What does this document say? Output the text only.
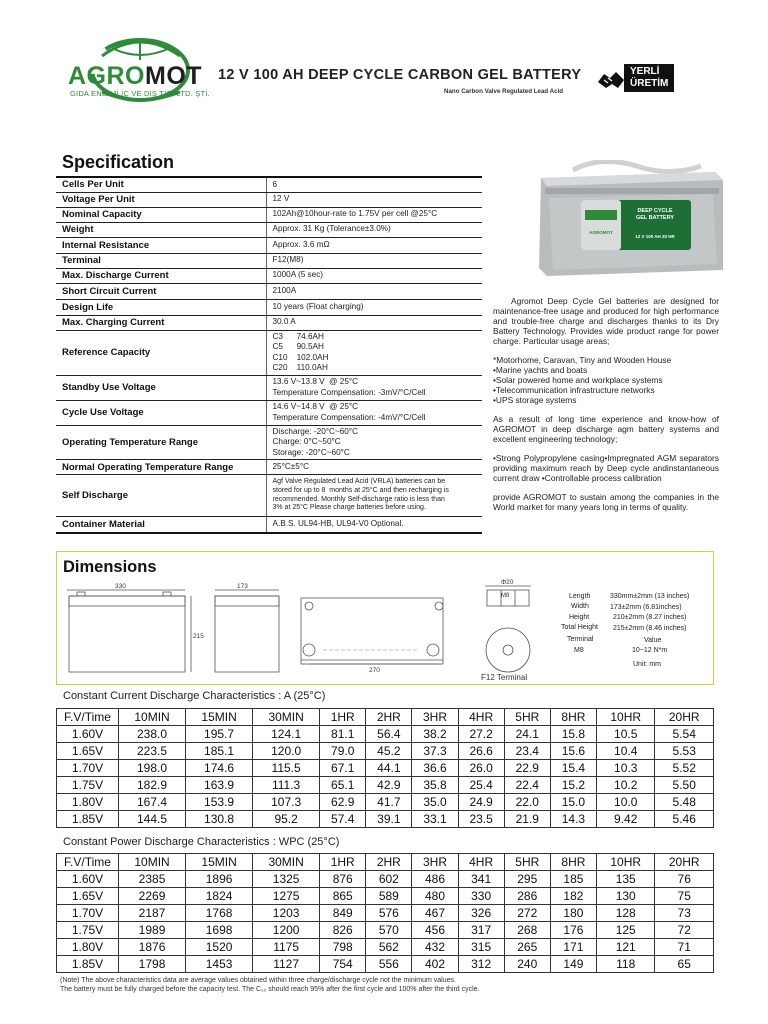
AGROMOT
GIDA ENERJİ İÇ VE DIŞ TİC. LTD. ŞTİ.
12 V 100 AH DEEP CYCLE CARBON GEL BATTERY
Nano Carbon Valve Regulated Lead Acid
YERLİ
ÜRETİM
Specification
Cells Per Unit	6
Voltage Per Unit	12 V
Nominal Capacity	102Ah@10hour-rate to 1.75V per cell @25°C
Weight	Approx. 31 Kg (Tolerance±3.0%)
Internal Resistance	Approx. 3.6 mΩ
Terminal	F12(M8)
Max. Discharge Current	1000A (5 sec)
Short Circuit Current	2100A
Design Life	10 years (Float charging)
Max. Charging Current	30.0 A
Reference Capacity	C3      74.6AH
C5      90.5AH
C10    102.0AH
C20    110.0AH

Standby Use Voltage	13.6 V~13.8 V  @ 25°C
Temperature Compensation: -3mV/°C/Cell

Cycle Use Voltage	14.6 V~14.8 V  @ 25°C
Temperature Compensation: -4mV/°C/Cell

Operating Temperature Range	Discharge: -20°C~60°C
Charge: 0°C~50°C
Storage: -20°C~60°C

Normal Operating Temperature Range	25°C±5°C
Self Discharge	Agf Valve Regulated Lead Acid (VRLA) batteries can be
stored for up to 8  months at 25°C and then recharging is
recommended. Monthly Self-discharge ratio is less than
3% at 25°C Please charge batteries before using.

Container Material	A.B.S. UL94-HB, UL94-V0 Optional.
DEEP CYCLE
GEL BATTERY
12 V 100 AH 20 HR
AGROMOT

Agromot Deep Cycle Gel batteries are designed for maintenance-free usage and produced for high performance and trouble-free charge and discharges thanks to its Dry Battery Technology. Provides wide product range for power charge. Particular usage areas;

*Motorhome, Caravan, Tiny and Wooden House
•Marine yachts and boats
•Solar powered home and workplace systems
•Telecommunication infrastructure networks
•UPS storage systems

As a result of long time experience and know-how of AGROMOT in deep discharge agm battery systems and excellent engineering technology;

•Strong Polypropylene casing•Impregnated AGM separators providing maximum reach by Deep cycle andinstantaneous current draw •Controllable process calibration

provide AGROMOT to sustain among the companies in the World market for many years long in terms of quality.

Dimensions
330	173
215
270
Φ20
M8
F12 Terminal
Length	330mm±2mm (13 inches)
Width	173±2mm (6.81inches)
Height	210±2mm (8.27 inches)
Total Height 215±2mm (8.46 inches)
Terminal	Value
M8	10~12 N*m
Unit: mm
Constant Current Discharge Characteristics : A (25°C)
F.V/Time	10MIN	15MIN	30MIN	1HR	2HR	3HR	4HR	5HR	8HR	10HR	20HR
1.60V	238.0	195.7	124.1	81.1	56.4	38.2	27.2	24.1	15.8	10.5	5.54
1.65V	223.5	185.1	120.0	79.0	45.2	37.3	26.6	23.4	15.6	10.4	5.53
1.70V	198.0	174.6	115.5	67.1	44.1	36.6	26.0	22.9	15.4	10.3	5.52
1.75V	182.9	163.9	111.3	65.1	42.9	35.8	25.4	22.4	15.2	10.2	5.50
1.80V	167.4	153.9	107.3	62.9	41.7	35.0	24.9	22.0	15.0	10.0	5.48
1.85V	144.5	130.8	95.2	57.4	39.1	33.1	23.5	21.9	14.3	9.42	5.46
Constant Power Discharge Characteristics : WPC (25°C)
F.V/Time	10MIN	15MIN	30MIN	1HR	2HR	3HR	4HR	5HR	8HR	10HR	20HR
1.60V	2385	1896	1325	876	602	486	341	295	185	135	76
1.65V	2269	1824	1275	865	589	480	330	286	182	130	75
1.70V	2187	1768	1203	849	576	467	326	272	180	128	73
1.75V	1989	1698	1200	826	570	456	317	268	176	125	72
1.80V	1876	1520	1175	798	562	432	315	265	171	121	71
1.85V	1798	1453	1127	754	556	402	312	240	149	118	65
(Note) The above characteristics data are average values obtained within three charge/discharge cycle not the minimum values.
The battery must be fully charged before the capacity test. The C₁₀ should reach 95% after the first cycle and 100% after the third cycle.
